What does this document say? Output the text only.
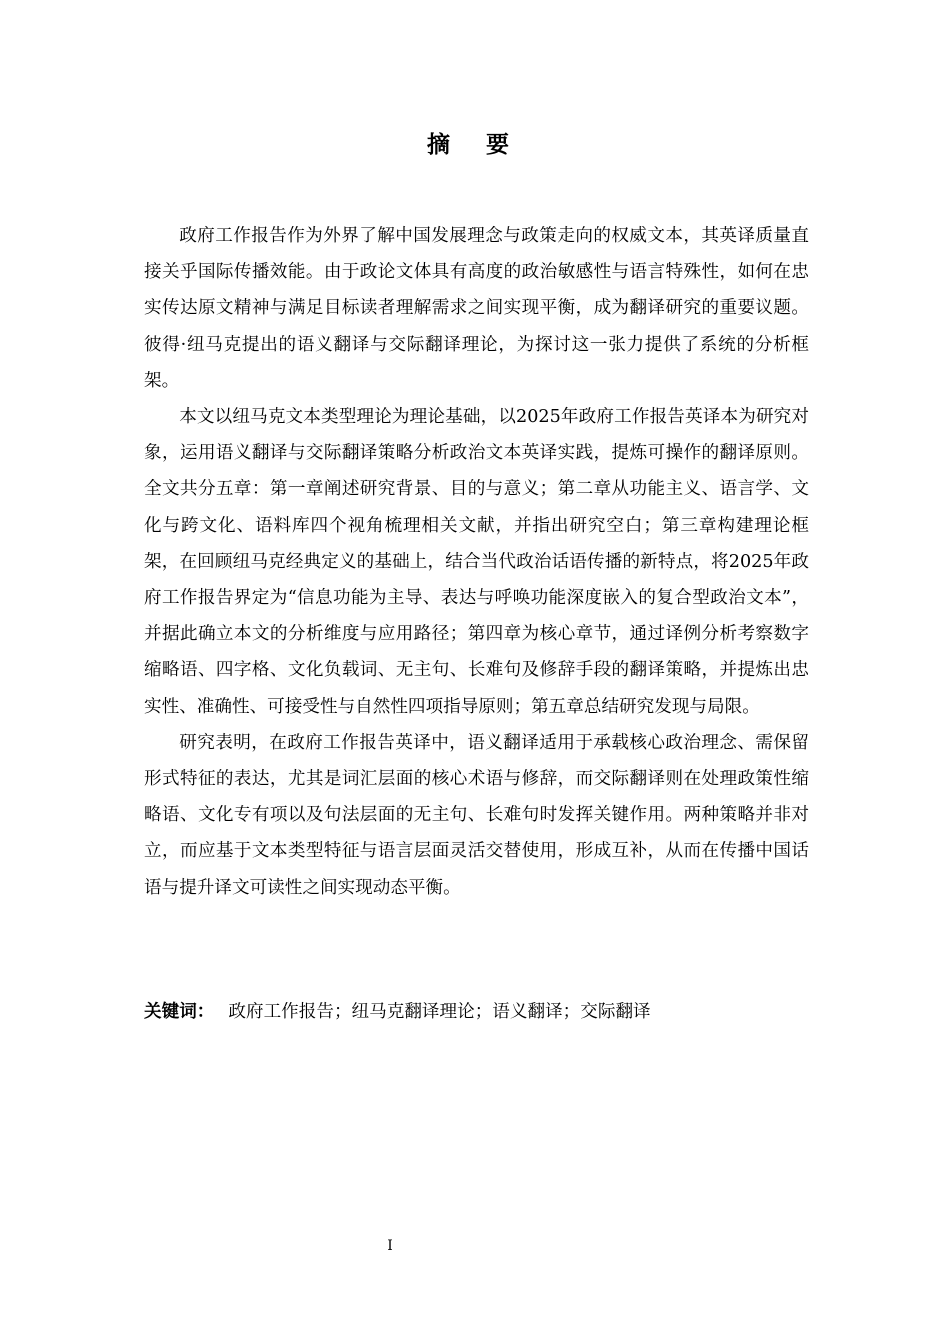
摘 要

政府工作报告作为外界了解中国发展理念与政策走向的权威文本，其英译质量直接关乎国际传播效能。由于政论文体具有高度的政治敏感性与语言特殊性，如何在忠实传达原文精神与满足目标读者理解需求之间实现平衡，成为翻译研究的重要议题。彼得·纽马克提出的语义翻译与交际翻译理论，为探讨这一张力提供了系统的分析框架。

本文以纽马克文本类型理论为理论基础，以2025年政府工作报告英译本为研究对象，运用语义翻译与交际翻译策略分析政治文本英译实践，提炼可操作的翻译原则。全文共分五章：第一章阐述研究背景、目的与意义；第二章从功能主义、语言学、文化与跨文化、语料库四个视角梳理相关文献，并指出研究空白；第三章构建理论框架，在回顾纽马克经典定义的基础上，结合当代政治话语传播的新特点，将2025年政府工作报告界定为“信息功能为主导、表达与呼唤功能深度嵌入的复合型政治文本”，并据此确立本文的分析维度与应用路径；第四章为核心章节，通过译例分析考察数字缩略语、四字格、文化负载词、无主句、长难句及修辞手段的翻译策略，并提炼出忠实性、准确性、可接受性与自然性四项指导原则；第五章总结研究发现与局限。

研究表明，在政府工作报告英译中，语义翻译适用于承载核心政治理念、需保留形式特征的表达，尤其是词汇层面的核心术语与修辞，而交际翻译则在处理政策性缩略语、文化专有项以及句法层面的无主句、长难句时发挥关键作用。两种策略并非对立，而应基于文本类型特征与语言层面灵活交替使用，形成互补，从而在传播中国话语与提升译文可读性之间实现动态平衡。

关键词： 政府工作报告；纽马克翻译理论；语义翻译；交际翻译
I
